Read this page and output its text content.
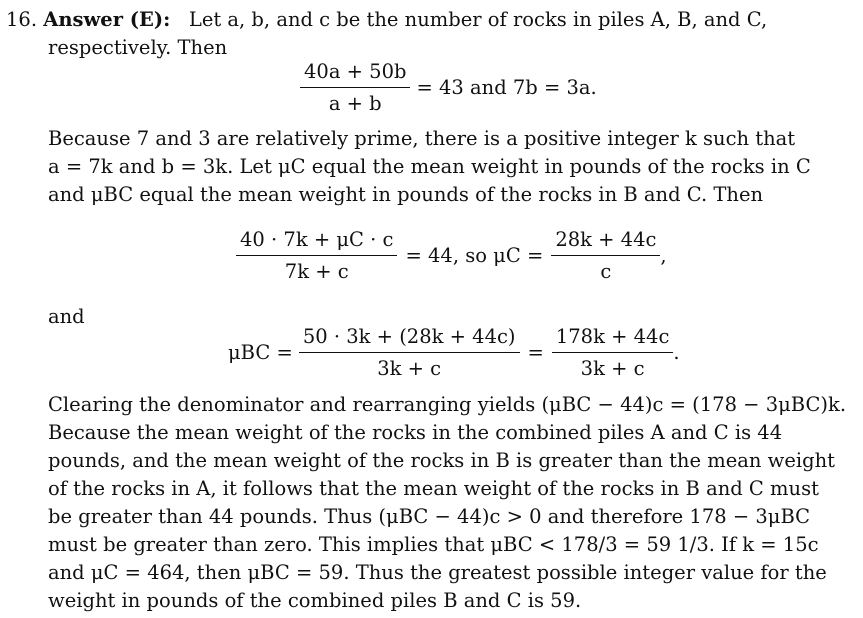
16. Answer (E): Let a, b, and c be the number of rocks in piles A, B, and C,
respectively. Then
$\frac{40a + 50b}{a + b} = 43$ and 7b = 3a.
Because 7 and 3 are relatively prime, there is a positive integer k such that
a = 7k and b = 3k. Let μC equal the mean weight in pounds of the rocks in C
and μBC equal the mean weight in pounds of the rocks in B and C. Then
$\frac{40 \cdot 7k + \mu C \cdot c}{7k + c} = 44$, so $\mu C = \frac{28k + 44c}{c}$ ,
and
$\mu BC = \frac{50 \cdot 3k + (28k + 44c)}{3k + c} = \frac{178k + 44c}{3k + c}$ .
Clearing the denominator and rearranging yields (μBC − 44)c = (178 − 3μBC)k.
Because the mean weight of the rocks in the combined piles A and C is 44
pounds, and the mean weight of the rocks in B is greater than the mean weight
of the rocks in A, it follows that the mean weight of the rocks in B and C must
be greater than 44 pounds. Thus (μBC − 44)c > 0 and therefore 178 − 3μBC
must be greater than zero. This implies that μBC < 178/3 = 59 1/3. If k = 15c
and μC = 464, then μBC = 59. Thus the greatest possible integer value for the
weight in pounds of the combined piles B and C is 59.
